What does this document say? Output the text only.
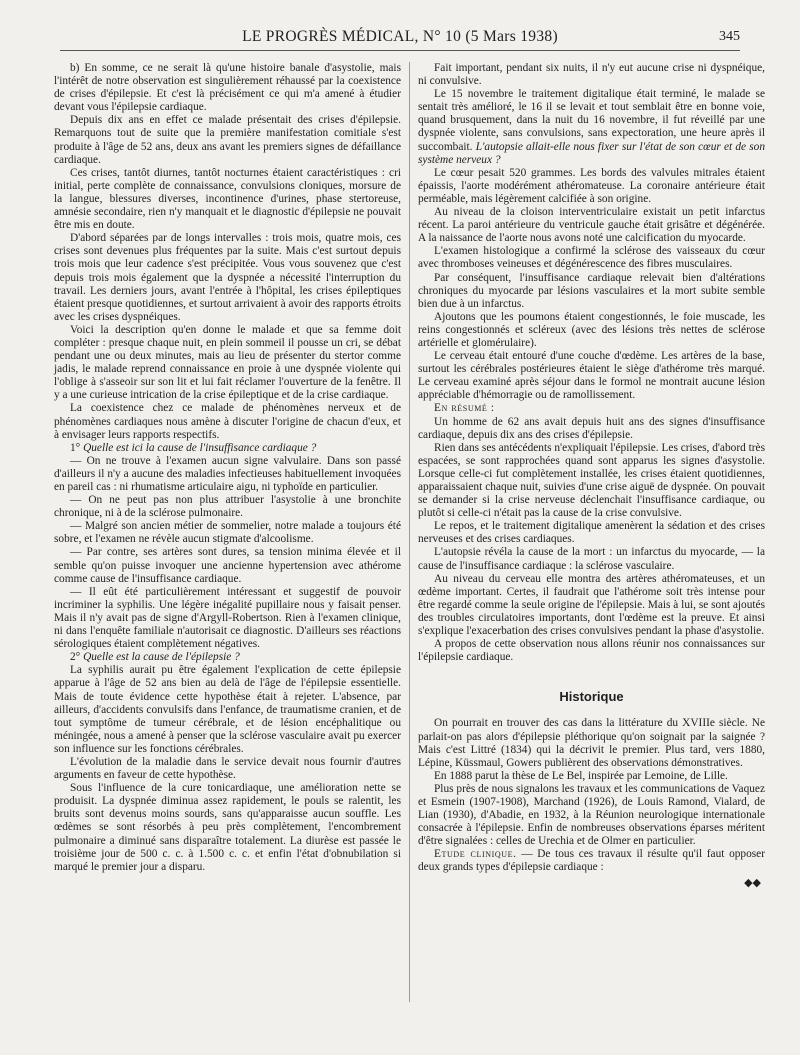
LE PROGRÈS MÉDICAL, N° 10 (5 Mars 1938)	345

b) En somme, ce ne serait là qu'une histoire banale d'asystolie, mais l'intérêt de notre observation est singulièrement réhaussé par la coexistence de crises d'épilepsie. Et c'est là précisément ce qui m'a amené à étudier devant vous l'épilepsie cardiaque.

Depuis dix ans en effet ce malade présentait des crises d'épilepsie. Remarquons tout de suite que la première manifestation comitiale s'est produite à l'âge de 52 ans, deux ans avant les premiers signes de défaillance cardiaque.

Ces crises, tantôt diurnes, tantôt nocturnes étaient caractéristiques : cri initial, perte complète de connaissance, convulsions cloniques, morsure de la langue, blessures diverses, incontinence d'urines, phase stertoreuse, amnésie secondaire, rien n'y manquait et le diagnostic d'épilepsie ne pouvait être mis en doute.

D'abord séparées par de longs intervalles : trois mois, quatre mois, ces crises sont devenues plus fréquentes par la suite. Mais c'est surtout depuis trois mois que leur cadence s'est précipitée. Vous vous souvenez que c'est depuis trois mois également que la dyspnée a nécessité l'interruption du travail. Les derniers jours, avant l'entrée à l'hôpital, les crises épileptiques étaient presque quotidiennes, et surtout arrivaient à avoir des rapports étroits avec les crises dyspnéiques.

Voici la description qu'en donne le malade et que sa femme doit compléter : presque chaque nuit, en plein sommeil il pousse un cri, se débat pendant une ou deux minutes, mais au lieu de présenter du stertor comme jadis, le malade reprend connaissance en proie à une dyspnée violente qui l'oblige à s'asseoir sur son lit et lui fait réclamer l'ouverture de la fenêtre. Il y a une curieuse intrication de la crise épileptique et de la crise cardiaque.

La coexistence chez ce malade de phénomènes nerveux et de phénomènes cardiaques nous amène à discuter l'origine de chacun d'eux, et à envisager leurs rapports respectifs.

1° Quelle est ici la cause de l'insuffisance cardiaque ?

— On ne trouve à l'examen aucun signe valvulaire. Dans son passé d'ailleurs il n'y a aucune des maladies infectieuses habituellement invoquées en pareil cas : ni rhumatisme articulaire aigu, ni typhoïde en particulier.

— On ne peut pas non plus attribuer l'asystolie à une bronchite chronique, ni à de la sclérose pulmonaire.

— Malgré son ancien métier de sommelier, notre malade a toujours été sobre, et l'examen ne révèle aucun stigmate d'alcoolisme.

— Par contre, ses artères sont dures, sa tension minima élevée et il semble qu'on puisse invoquer une ancienne hypertension avec athérome comme cause de l'insuffisance cardiaque.

— Il eût été particulièrement intéressant et suggestif de pouvoir incriminer la syphilis. Une légère inégalité pupillaire nous y faisait penser. Mais il n'y avait pas de signe d'Argyll-Robertson. Rien à l'examen clinique, ni dans l'enquête familiale n'autorisait ce diagnostic. D'ailleurs ses réactions sérologiques étaient complètement négatives.

2° Quelle est la cause de l'épilepsie ?

La syphilis aurait pu être également l'explication de cette épilepsie apparue à l'âge de 52 ans bien au delà de l'âge de l'épilepsie essentielle. Mais de toute évidence cette hypothèse était à rejeter. L'absence, par ailleurs, d'accidents convulsifs dans l'enfance, de traumatisme cranien, et de tout symptôme de tumeur cérébrale, et de lésion encéphalitique ou méningée, nous a amené à penser que la sclérose vasculaire avait pu exercer son influence sur les fonctions cérébrales.

L'évolution de la maladie dans le service devait nous fournir d'autres arguments en faveur de cette hypothèse.

Sous l'influence de la cure tonicardiaque, une amélioration nette se produisit. La dyspnée diminua assez rapidement, le pouls se ralentit, les bruits sont devenus moins sourds, sans qu'apparaisse aucun souffle. Les œdèmes se sont résorbés à peu près complètement, l'encombrement pulmonaire a diminué sans disparaître totalement. La diurèse est passée le troisième jour de 500 c. c. à 1.500 c. c. et enfin l'état d'obnubilation si marqué le premier jour a disparu.

Fait important, pendant six nuits, il n'y eut aucune crise ni dyspnéique, ni convulsive.

Le 15 novembre le traitement digitalique était terminé, le malade se sentait très amélioré, le 16 il se levait et tout semblait être en bonne voie, quand brusquement, dans la nuit du 16 novembre, il fut réveillé par une dyspnée violente, sans convulsions, sans expectoration, une heure après il succombait. L'autopsie allait-elle nous fixer sur l'état de son cœur et de son système nerveux ?

Le cœur pesait 520 grammes. Les bords des valvules mitrales étaient épaissis, l'aorte modérément athéromateuse. La coronaire antérieure était perméable, mais légèrement calcifiée à son origine.

Au niveau de la cloison interventriculaire existait un petit infarctus récent. La paroi antérieure du ventricule gauche était grisâtre et dégénérée. A la naissance de l'aorte nous avons noté une calcification du myocarde.

L'examen histologique a confirmé la sclérose des vaisseaux du cœur avec thromboses veineuses et dégénérescence des fibres musculaires.

Par conséquent, l'insuffisance cardiaque relevait bien d'altérations chroniques du myocarde par lésions vasculaires et la mort subite semble bien due à un infarctus.

Ajoutons que les poumons étaient congestionnés, le foie muscade, les reins congestionnés et scléreux (avec des lésions très nettes de sclérose artérielle et glomérulaire).

Le cerveau était entouré d'une couche d'œdème. Les artères de la base, surtout les cérébrales postérieures étaient le siège d'athérome très marqué. Le cerveau examiné après séjour dans le formol ne montrait aucune lésion appréciable d'hémorragie ou de ramollissement.

En résumé :

Un homme de 62 ans avait depuis huit ans des signes d'insuffisance cardiaque, depuis dix ans des crises d'épilepsie.

Rien dans ses antécédents n'expliquait l'épilepsie. Les crises, d'abord très espacées, se sont rapprochées quand sont apparus les signes d'asystolie. Lorsque celle-ci fut complètement installée, les crises étaient quotidiennes, apparaissaient chaque nuit, suivies d'une crise aiguë de dyspnée. On pouvait se demander si la crise nerveuse déclenchait l'insuffisance cardiaque, ou plutôt si celle-ci n'était pas la cause de la crise convulsive.

Le repos, et le traitement digitalique amenèrent la sédation et des crises nerveuses et des crises cardiaques.

L'autopsie révéla la cause de la mort : un infarctus du myocarde, — la cause de l'insuffisance cardiaque : la sclérose vasculaire.

Au niveau du cerveau elle montra des artères athéromateuses, et un œdème important. Certes, il faudrait que l'athérome soit très intense pour être regardé comme la seule origine de l'épilepsie. Mais à lui, se sont ajoutés des troubles circulatoires importants, dont l'œdème est la preuve. Et ainsi s'explique l'exacerbation des crises convulsives pendant la phase d'asystolie.

A propos de cette observation nous allons réunir nos connaissances sur l'épilepsie cardiaque.

Historique

On pourrait en trouver des cas dans la littérature du XVIIIe siècle. Ne parlait-on pas alors d'épilepsie pléthorique qu'on soignait par la saignée ? Mais c'est Littré (1834) qui la décrivit le premier. Plus tard, vers 1880, Lépine, Küssmaul, Gowers publièrent des observations démonstratives.

En 1888 parut la thèse de Le Bel, inspirée par Lemoine, de Lille.

Plus près de nous signalons les travaux et les communications de Vaquez et Esmein (1907-1908), Marchand (1926), de Louis Ramond, Vialard, de Lian (1930), d'Abadie, en 1932, à la Réunion neurologique internationale consacrée à l'épilepsie. Enfin de nombreuses observations éparses méritent d'être signalées : celles de Urechia et de Olmer en particulier.

Etude clinique. — De tous ces travaux il résulte qu'il faut opposer deux grands types d'épilepsie cardiaque :

◆◆
